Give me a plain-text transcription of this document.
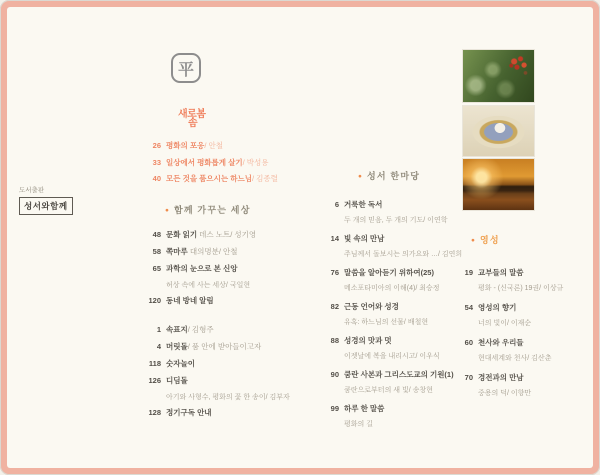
도서출판
성서와함께
平
새로봄
솜
26 평화의 포옹/ 안철
33 일상에서 평화롭게 살기/ 박성용
40 모든 것을 품으시는 하느님/ 김종렬
● 함께 가꾸는 세상
48 문화 읽기 데스 노트/ 성기영
58 쪽마루 대의명분/ 안철
65 과학의 눈으로 본 신앙
허상 속에 사는 세상/ 국일현
120 동네 방네 알림
1 속표지/ 김형주
4 머릿돌/ 품 안에 받아들이고자
118 숫자놀이
126 디딤돌
아기와 사형수, 평화의 꽃 한 송이/ 김부자
128 정기구독 안내
● 성서 한마당
6 거룩한 독서
두 개의 믿음, 두 개의 기도/ 이연학
14 빛 속의 만남
주님께서 돌보시는 의가요와 …/ 김연희
76 말씀을 알아듣기 위하여(25)
메소포타미아의 이해(4)/ 최승정
82 근동 언어와 성경
유혹: 하느님의 선물/ 배철현
88 성경의 맛과 멋
이젯날에 복을 내리시고/ 이우식
90 쿰란 사본과 그리스도교의 기원(1)
쿰란으로부터의 새 빛/ 송창현
99 하루 한 말씀
평화의 길
● 영성
19 교부들의 말씀
평화 - (신국론) 19권/ 이상규
54 영성의 향기
너의 빛이/ 이재순
60 천사와 우리들
현대세계와 천사/ 김산춘
70 경전과의 만남
중용의 덕/ 이향만
